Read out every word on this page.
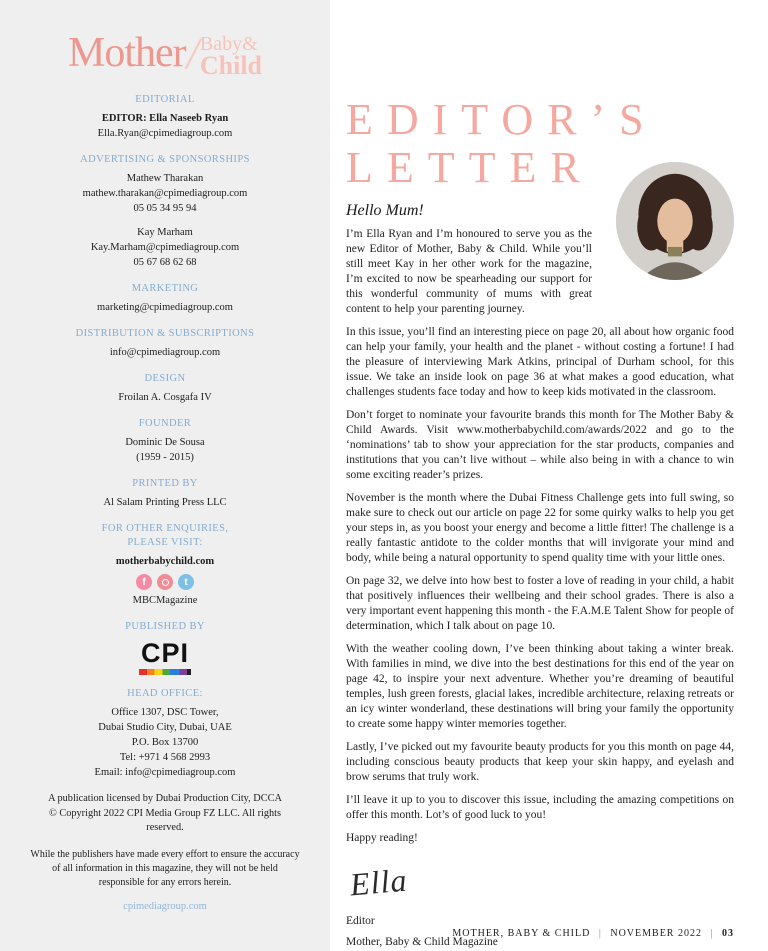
Mother / Baby&
Child
EDITORIAL
EDITOR: Ella Naseeb Ryan
Ella.Ryan@cpimediagroup.com
ADVERTISING & SPONSORSHIPS
Mathew Tharakan
mathew.tharakan@cpimediagroup.com
05 05 34 95 94
Kay Marham
Kay.Marham@cpimediagroup.com
05 67 68 62 68
MARKETING
marketing@cpimediagroup.com
DISTRIBUTION & SUBSCRIPTIONS
info@cpimediagroup.com
DESIGN
Froilan A. Cosgafa IV
FOUNDER
Dominic De Sousa
(1959 - 2015)
PRINTED BY
Al Salam Printing Press LLC
FOR OTHER ENQUIRIES, PLEASE VISIT:
motherbabychild.com
f	t
MBCMagazine
PUBLISHED BY
CPI
HEAD OFFICE:
Office 1307, DSC Tower,
Dubai Studio City, Dubai, UAE
P.O. Box 13700
Tel: +971 4 568 2993
Email: info@cpimediagroup.com
A publication licensed by Dubai Production City, DCCA
© Copyright 2022 CPI Media Group FZ LLC. All rights reserved.
While the publishers have made every effort to ensure the accuracy of all information in this magazine, they will not be held responsible for any errors herein.
cpimediagroup.com
EDITOR’S
LETTER
Hello Mum!

I’m Ella Ryan and I’m honoured to serve you as the new Editor of Mother, Baby & Child. While you’ll still meet Kay in her other work for the magazine, I’m excited to now be spearheading our support for this wonderful community of mums with great content to help your parenting journey.

In this issue, you’ll find an interesting piece on page 20, all about how organic food can help your family, your health and the planet - without costing a fortune! I had the pleasure of interviewing Mark Atkins, principal of Durham school, for this issue. We take an inside look on page 36 at what makes a good education, what challenges students face today and how to keep kids motivated in the classroom.

Don’t forget to nominate your favourite brands this month for The Mother Baby & Child Awards. Visit www.motherbabychild.com/awards/2022 and go to the ‘nominations’ tab to show your appreciation for the star products, companies and institutions that you can’t live without – while also being in with a chance to win some exciting reader’s prizes.

November is the month where the Dubai Fitness Challenge gets into full swing, so make sure to check out our article on page 22 for some quirky walks to help you get your steps in, as you boost your energy and become a little fitter! The challenge is a really fantastic antidote to the colder months that will invigorate your mind and body, while being a natural opportunity to spend quality time with your little ones.

On page 32, we delve into how best to foster a love of reading in your child, a habit that positively influences their wellbeing and their school grades. There is also a very important event happening this month - the F.A.M.E Talent Show for people of determination, which I talk about on page 10.

With the weather cooling down, I’ve been thinking about taking a winter break. With families in mind, we dive into the best destinations for this end of the year on page 42, to inspire your next adventure. Whether you’re dreaming of beautiful temples, lush green forests, glacial lakes, incredible architecture, relaxing retreats or an icy winter wonderland, these destinations will bring your family the opportunity to create some happy winter memories together.

Lastly, I’ve picked out my favourite beauty products for you this month on page 44, including conscious beauty products that keep your skin happy, and eyelash and brow serums that truly work.

I’ll leave it up to you to discover this issue, including the amazing competitions on offer this month. Lot’s of good luck to you!

Happy reading!

Ella
Editor
Mother, Baby & Child Magazine
MOTHER, BABY & CHILD | NOVEMBER 2022 | 03
